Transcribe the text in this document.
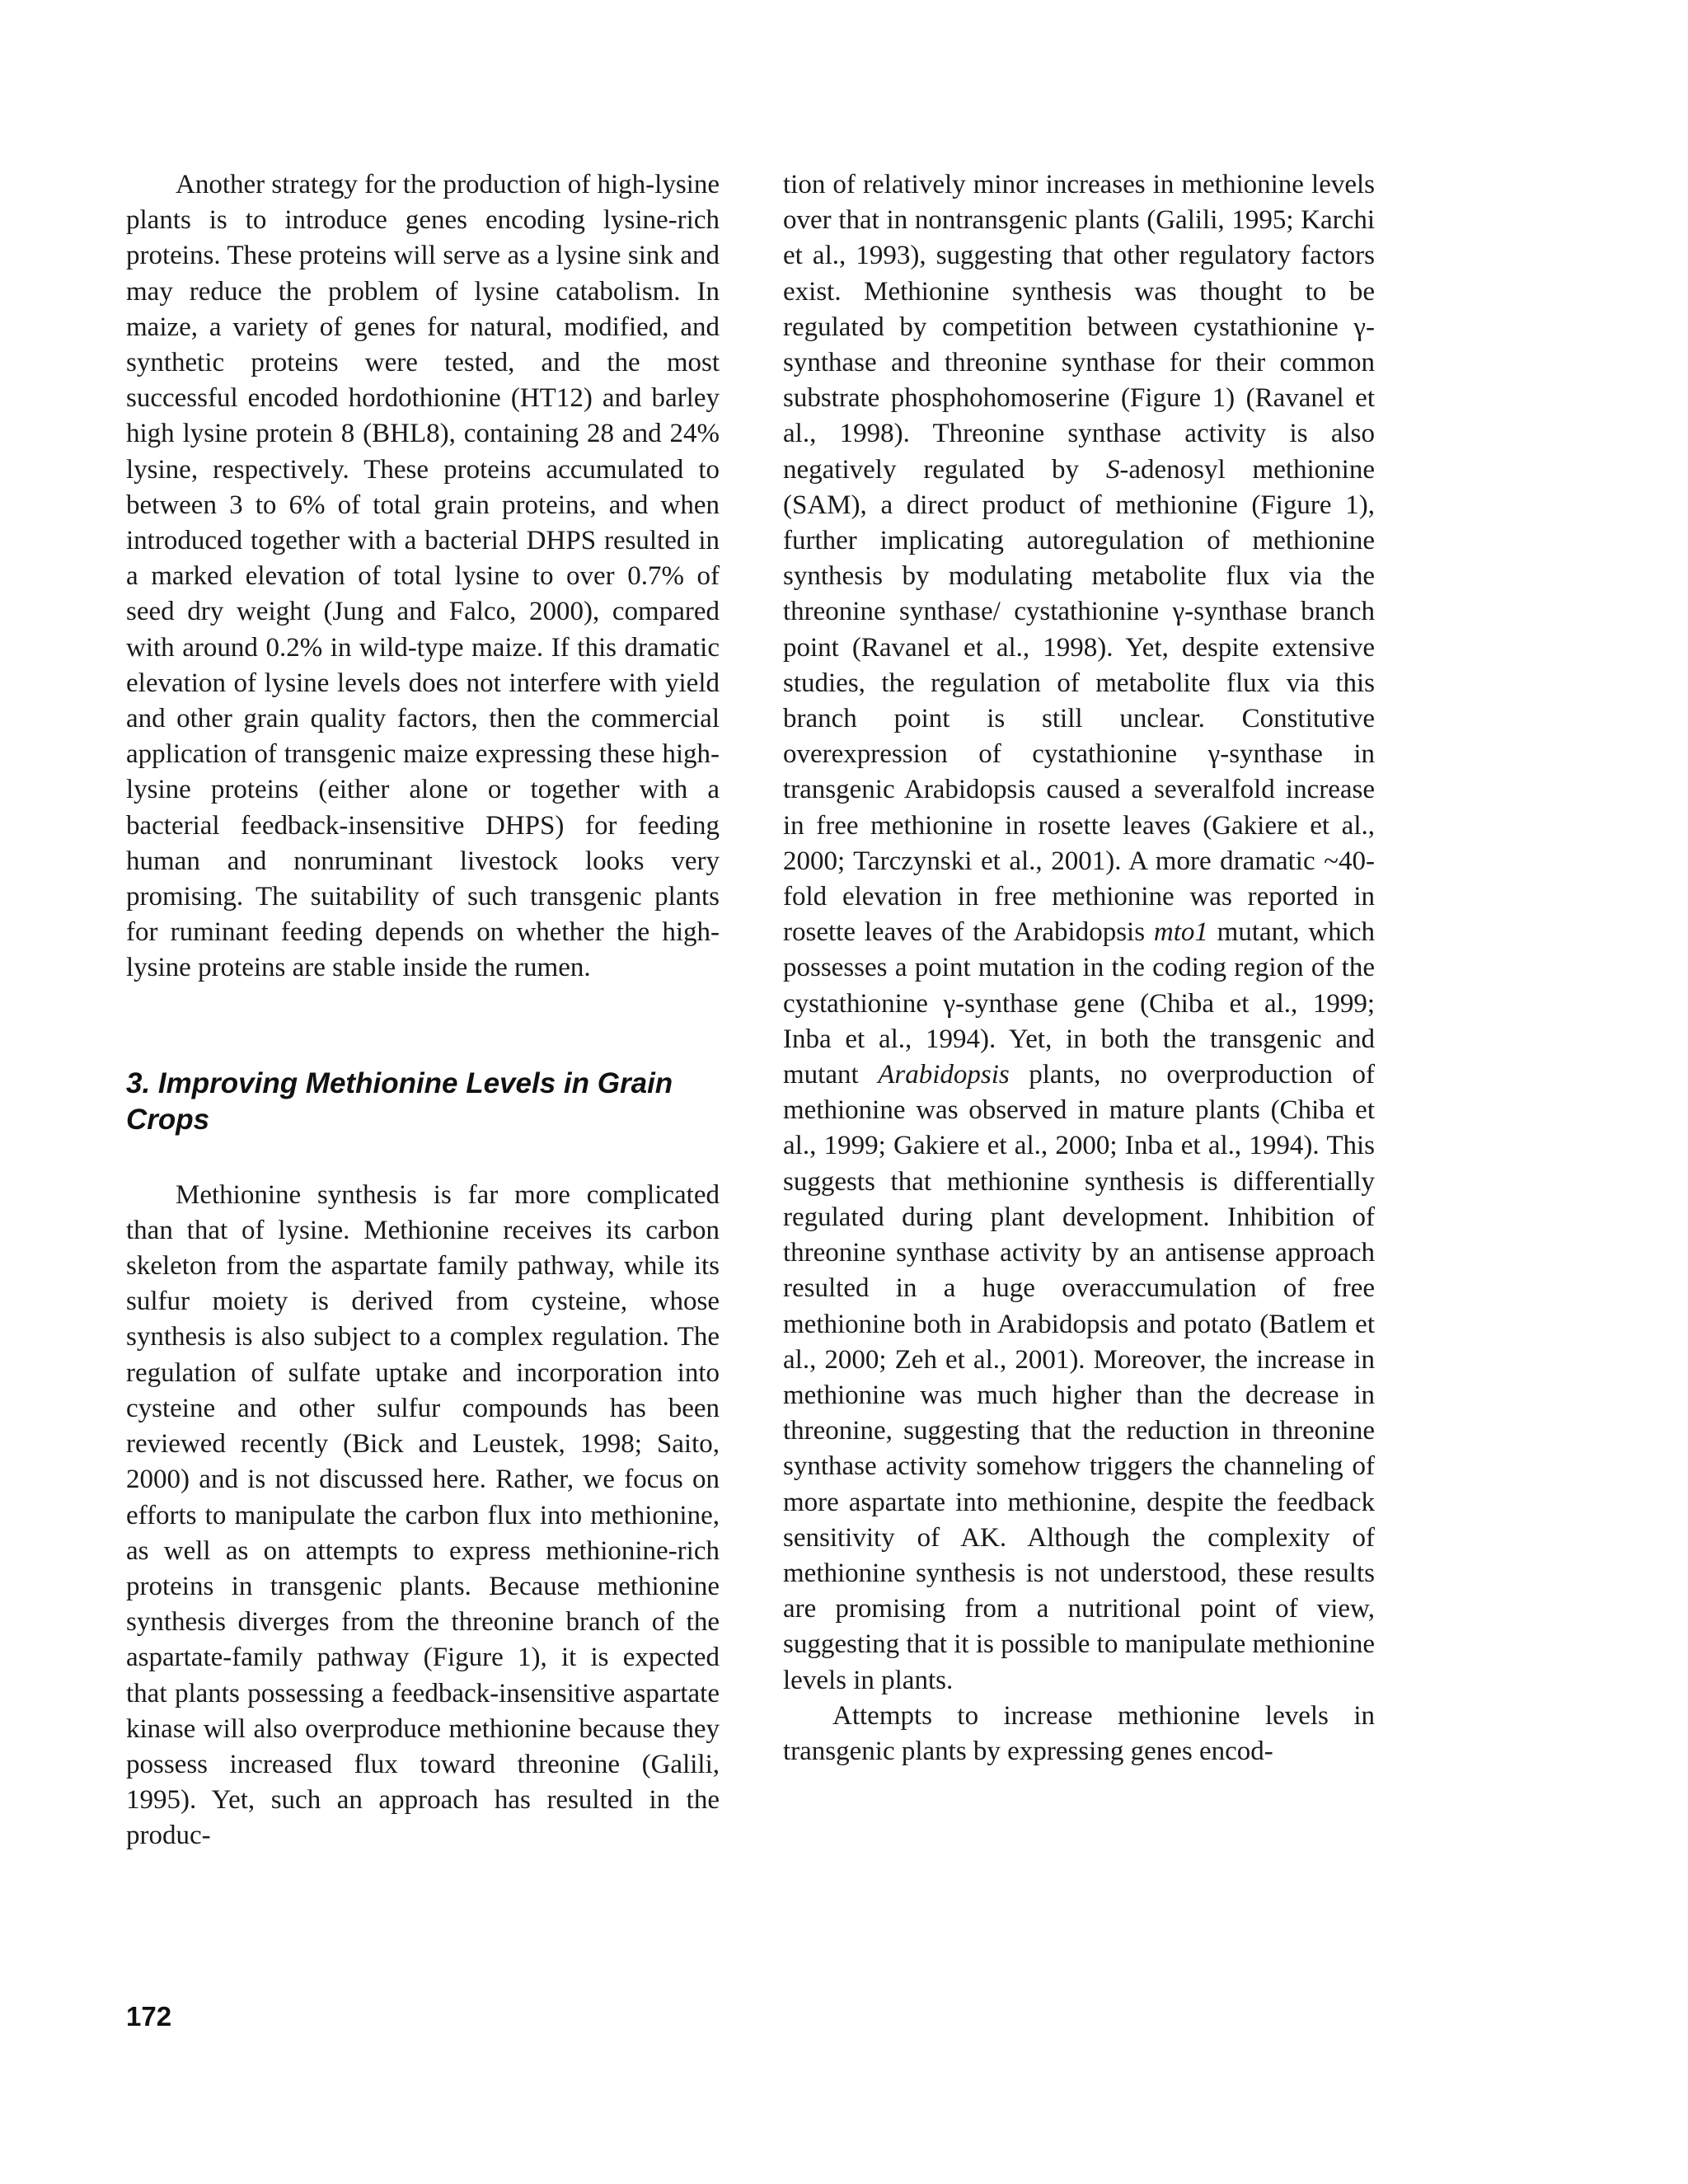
Another strategy for the production of high-lysine plants is to introduce genes encoding lysine-rich proteins. These proteins will serve as a lysine sink and may reduce the problem of lysine catabolism. In maize, a variety of genes for natural, modified, and synthetic proteins were tested, and the most successful encoded hordothionine (HT12) and barley high lysine protein 8 (BHL8), containing 28 and 24% lysine, respectively. These proteins accumulated to between 3 to 6% of total grain proteins, and when introduced together with a bacterial DHPS resulted in a marked elevation of total lysine to over 0.7% of seed dry weight (Jung and Falco, 2000), compared with around 0.2% in wild-type maize. If this dramatic elevation of lysine levels does not interfere with yield and other grain quality factors, then the commercial application of transgenic maize expressing these high-lysine proteins (either alone or together with a bacterial feedback-insensitive DHPS) for feeding human and nonruminant livestock looks very promising. The suitability of such transgenic plants for ruminant feeding depends on whether the high-lysine proteins are stable inside the rumen.

3. Improving Methionine Levels in Grain Crops

Methionine synthesis is far more complicated than that of lysine. Methionine receives its carbon skeleton from the aspartate family pathway, while its sulfur moiety is derived from cysteine, whose synthesis is also subject to a complex regulation. The regulation of sulfate uptake and incorporation into cysteine and other sulfur compounds has been reviewed recently (Bick and Leustek, 1998; Saito, 2000) and is not discussed here. Rather, we focus on efforts to manipulate the carbon flux into methionine, as well as on attempts to express methionine-rich proteins in transgenic plants. Because methionine synthesis diverges from the threonine branch of the aspartate-family pathway (Figure 1), it is expected that plants possessing a feedback-insensitive aspartate kinase will also overproduce methionine because they possess increased flux toward threonine (Galili, 1995). Yet, such an approach has resulted in the produc-

tion of relatively minor increases in methionine levels over that in nontransgenic plants (Galili, 1995; Karchi et al., 1993), suggesting that other regulatory factors exist. Methionine synthesis was thought to be regulated by competition between cystathionine γ-synthase and threonine synthase for their common substrate phosphohomoserine (Figure 1) (Ravanel et al., 1998). Threonine synthase activity is also negatively regulated by S-adenosyl methionine (SAM), a direct product of methionine (Figure 1), further implicating autoregulation of methionine synthesis by modulating metabolite flux via the threonine synthase/ cystathionine γ-synthase branch point (Ravanel et al., 1998). Yet, despite extensive studies, the regulation of metabolite flux via this branch point is still unclear. Constitutive overexpression of cystathionine γ-synthase in transgenic Arabidopsis caused a severalfold increase in free methionine in rosette leaves (Gakiere et al., 2000; Tarczynski et al., 2001). A more dramatic ~40-fold elevation in free methionine was reported in rosette leaves of the Arabidopsis mto1 mutant, which possesses a point mutation in the coding region of the cystathionine γ-synthase gene (Chiba et al., 1999; Inba et al., 1994). Yet, in both the transgenic and mutant Arabidopsis plants, no overproduction of methionine was observed in mature plants (Chiba et al., 1999; Gakiere et al., 2000; Inba et al., 1994). This suggests that methionine synthesis is differentially regulated during plant development. Inhibition of threonine synthase activity by an antisense approach resulted in a huge overaccumulation of free methionine both in Arabidopsis and potato (Batlem et al., 2000; Zeh et al., 2001). Moreover, the increase in methionine was much higher than the decrease in threonine, suggesting that the reduction in threonine synthase activity somehow triggers the channeling of more aspartate into methionine, despite the feedback sensitivity of AK. Although the complexity of methionine synthesis is not understood, these results are promising from a nutritional point of view, suggesting that it is possible to manipulate methionine levels in plants.

Attempts to increase methionine levels in transgenic plants by expressing genes encod-

172
